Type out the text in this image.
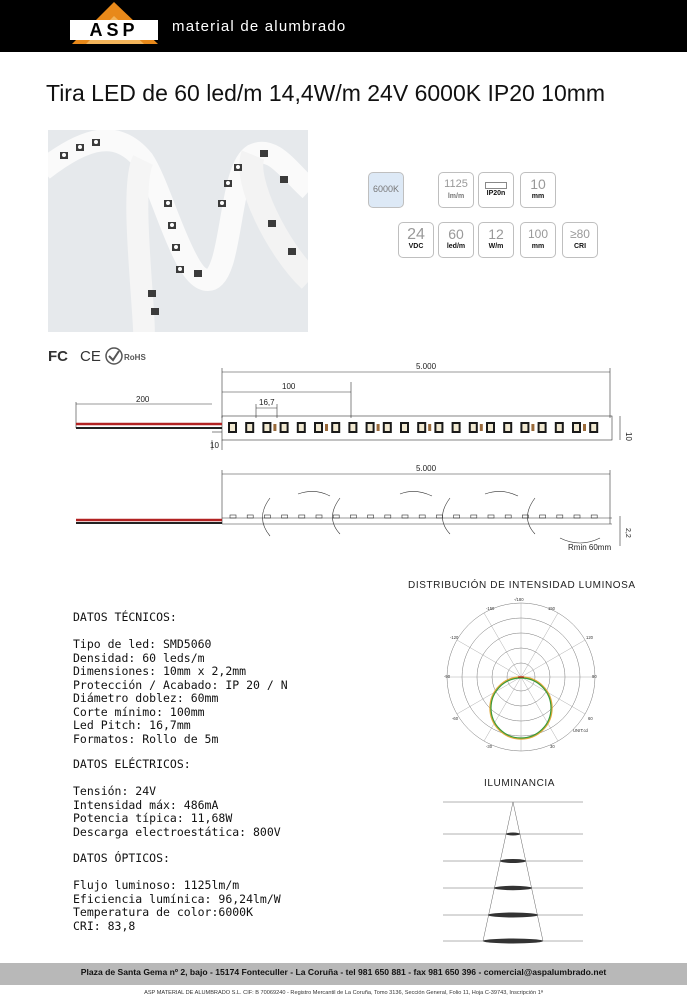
ASP material de alumbrado
Tira LED de 60 led/m 14,4W/m 24V 6000K IP20 10mm
6000K	1125
lm/m	IP20n
10
mm
24
VDC
60
led/m
12
W/m
100
mm
≥80
CRI
FC CE	RoHS
5.000
100
16,7
200
10
10
5.000
2,2
Rmin 60mm
DATOS TÉCNICOS:
Tipo de led: SMD5060
Densidad: 60 leds/m
Dimensiones: 10mm x 2,2mm
Protección / Acabado: IP 20 / N
Diámetro doblez: 60mm
Corte mínimo: 100mm
Led Pitch: 16,7mm
Formatos: Rollo de 5m
DATOS ELÉCTRICOS:
Tensión: 24V
Intensidad máx: 486mA
Potencia típica: 11,68W
Descarga electroestática: 800V
DATOS ÓPTICOS:
Flujo luminoso: 1125lm/m
Eficiencia lumínica: 96,24lm/W
Temperatura de color:6000K
CRI: 83,8
DISTRIBUCIÓN DE INTENSIDAD LUMINOSA
-/180
-150	150
-120	120
-90	90
-60	60
-30	30
UNIT:cd
ILUMINANCIA
Plaza de Santa Gema nº 2, bajo - 15174 Fonteculler - La Coruña - tel 981 650 881 - fax 981 650 396 - comercial@aspalumbrado.net
ASP MATERIAL DE ALUMBRADO S.L. CIF: B 70069240 - Registro Mercantil de La Coruña, Tomo 3136, Sección General, Folio 11, Hoja C-39743, Inscripción 1ª
